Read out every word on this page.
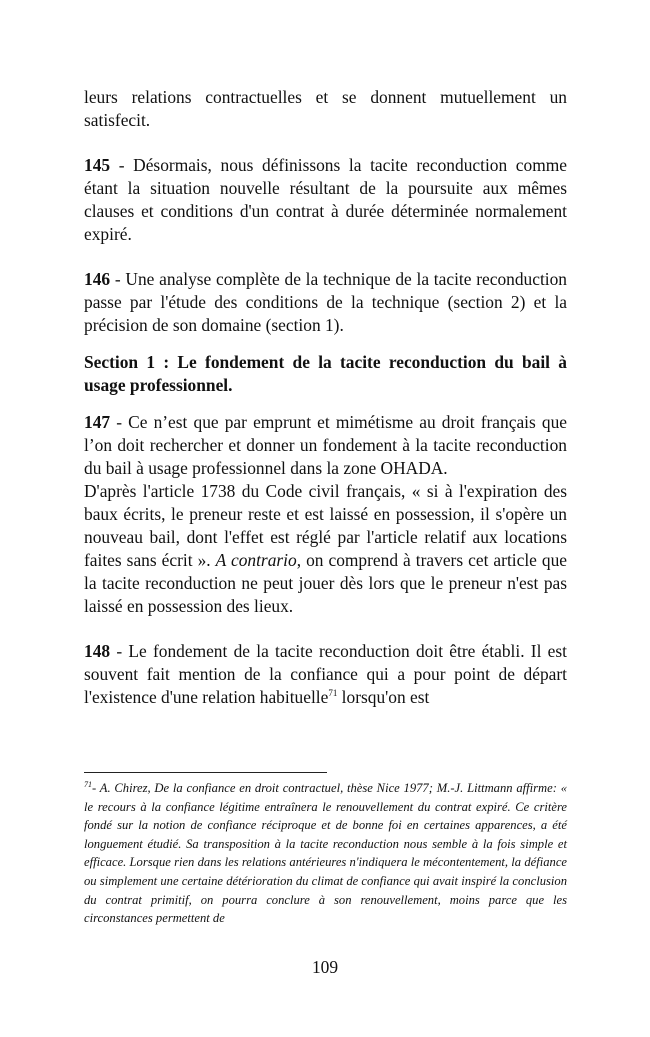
leurs relations contractuelles et se donnent mutuellement un satisfecit.

145 - Désormais, nous définissons la tacite reconduction comme étant la situation nouvelle résultant de la poursuite aux mêmes clauses et conditions d'un contrat à durée déterminée normalement expiré.

146 - Une analyse complète de la technique de la tacite reconduction passe par l'étude des conditions de la technique (section 2) et la précision de son domaine (section 1).

Section 1 : Le fondement de la tacite reconduction du bail à usage professionnel.

147 - Ce n’est que par emprunt et mimétisme au droit français que l’on doit rechercher et donner un fondement à la tacite reconduction du bail à usage professionnel dans la zone OHADA.

D'après l'article 1738 du Code civil français, « si à l'expiration des baux écrits, le preneur reste et est laissé en possession, il s'opère un nouveau bail, dont l'effet est réglé par l'article relatif aux locations faites sans écrit ». A contrario, on comprend à travers cet article que la tacite reconduction ne peut jouer dès lors que le preneur n'est pas laissé en possession des lieux.

148 - Le fondement de la tacite reconduction doit être établi. Il est souvent fait mention de la confiance qui a pour point de départ l'existence d'une relation habituelle$^{71}$ lorsqu'on est

$^{71}$- A. Chirez, De la confiance en droit contractuel, thèse Nice 1977; M.-J. Littmann affirme: « le recours à la confiance légitime entraînera le renouvellement du contrat expiré. Ce critère fondé sur la notion de confiance réciproque et de bonne foi en certaines apparences, a été longuement étudié. Sa transposition à la tacite reconduction nous semble à la fois simple et efficace. Lorsque rien dans les relations antérieures n'indiquera le mécontentement, la défiance ou simplement une certaine détérioration du climat de confiance qui avait inspiré la conclusion du contrat primitif, on pourra conclure à son renouvellement, moins parce que les circonstances permettent de
109
